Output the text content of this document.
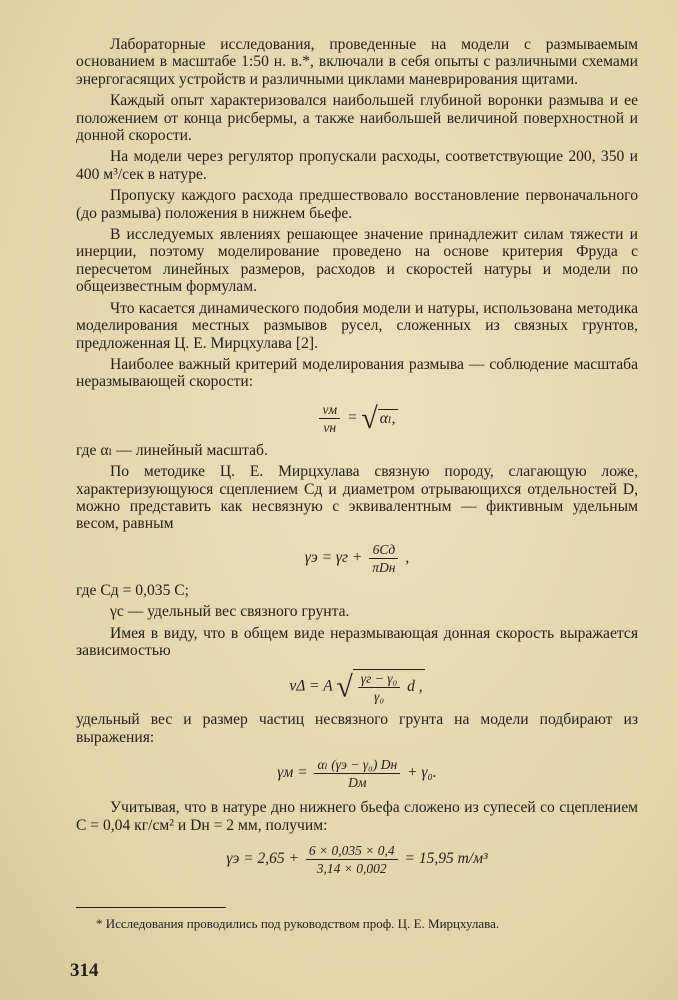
Лабораторные исследования, проведенные на модели с размываемым основанием в масштабе 1:50 н. в.*, включали в себя опыты с различными схемами энергогасящих устройств и различными циклами маневрирования щитами.

Каждый опыт характеризовался наибольшей глубиной воронки размыва и ее положением от конца рисбермы, а также наибольшей величиной поверхностной и донной скорости.

На модели через регулятор пропускали расходы, соответствующие 200, 350 и 400 м³/сек в натуре.

Пропуску каждого расхода предшествовало восстановление первоначального (до размыва) положения в нижнем бьефе.

В исследуемых явлениях решающее значение принадлежит силам тяжести и инерции, поэтому моделирование проведено на основе критерия Фруда с пересчетом линейных размеров, расходов и скоростей натуры и модели по общеизвестным формулам.

Что касается динамического подобия модели и натуры, использована методика моделирования местных размывов русел, сложенных из связных грунтов, предложенная Ц. Е. Мирцхулава [2].

Наиболее важный критерий моделирования размыва — соблюдение масштаба неразмывающей скорости:

$\frac{vм}{vн}$ = √ αₗ,

где αₗ — линейный масштаб.

По методике Ц. Е. Мирцхулава связную породу, слагающую ложе, характеризующуюся сцеплением Cд и диаметром отрывающихся отдельностей D, можно представить как несвязную с эквивалентным — фиктивным удельным весом, равным

$\gamma э = \gamma г + \frac{6Cд}{\text{πDн}}$ ,

где Cд = 0,035 C;

γс — удельный вес связного грунта.

Имея в виду, что в общем виде неразмывающая донная скорость выражается зависимостью

vΔ = A √ $\frac{\text{γг − γ₀}}{\text{γ₀}}$ d ,

удельный вес и размер частиц несвязного грунта на модели подбирают из выражения:

$\gamma м = \frac{\text{αₗ (γэ − γ₀) Dн}}{Dм} + \gamma_0$.

Учитывая, что в натуре дно нижнего бьефа сложено из супесей со сцеплением C = 0,04 кг/см² и Dн = 2 мм, получим:

$\gamma э = 2,65 + \frac{6 \times 0,035 \times 0,4}{3,14 \times 0,002} = 15,95$ т/м³

* Исследования проводились под руководством проф. Ц. Е. Мирцхулава.

314
